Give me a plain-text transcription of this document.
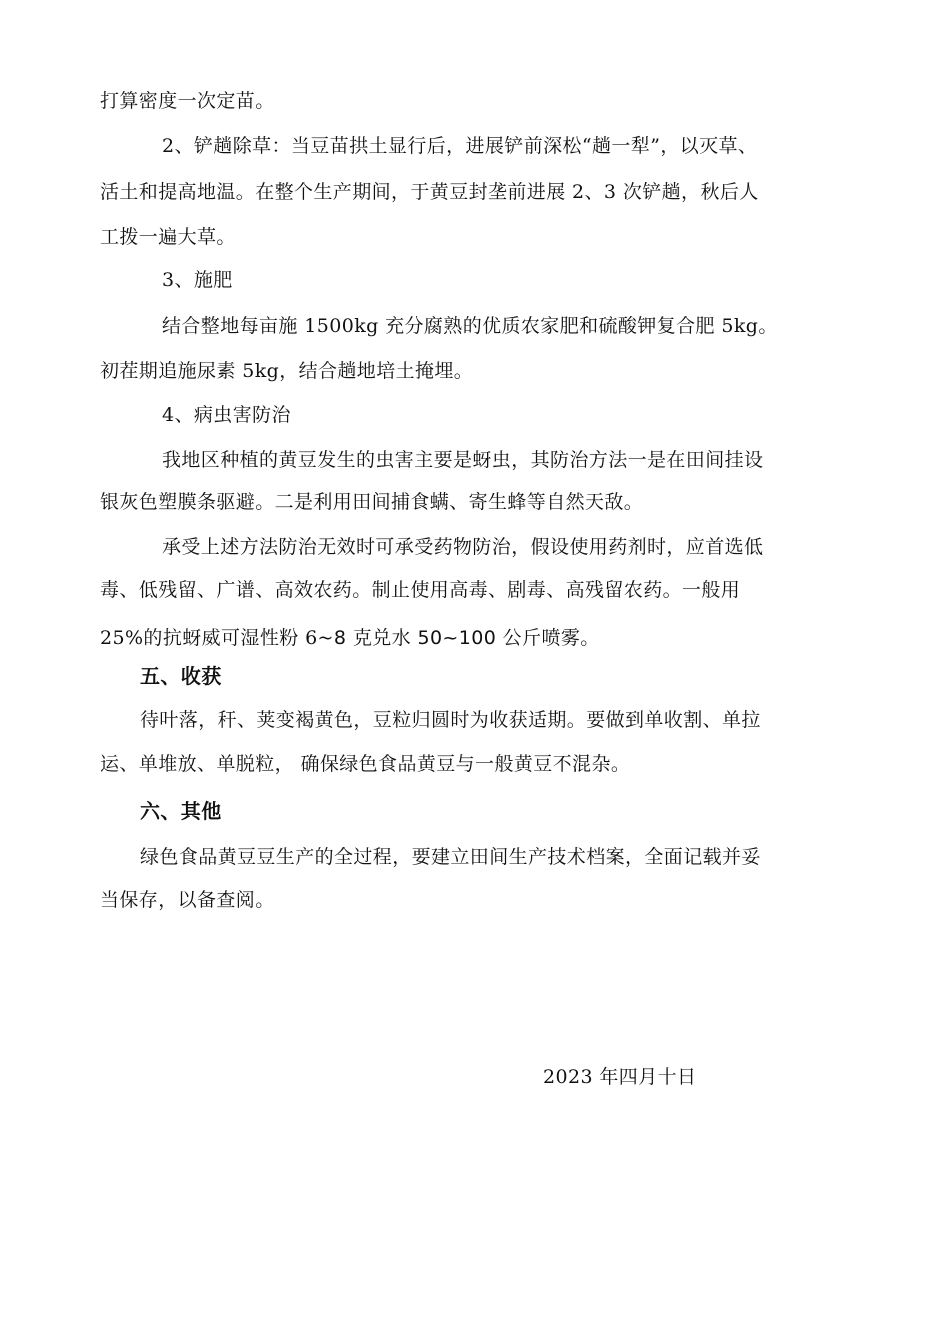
打算密度一次定苗。
2、铲趟除草：当豆苗拱土显行后，进展铲前深松“趟一犁”，以灭草、
活土和提高地温。在整个生产期间，于黄豆封垄前进展 2、3 次铲趟，秋后人
工拨一遍大草。
3、施肥
结合整地每亩施 1500kg 充分腐熟的优质农家肥和硫酸钾复合肥 5kg。
初茬期追施尿素 5kg，结合趟地培土掩埋。
4、病虫害防治
我地区种植的黄豆发生的虫害主要是蚜虫，其防治方法一是在田间挂设
银灰色塑膜条驱避。二是利用田间捕食螨、寄生蜂等自然天敌。
承受上述方法防治无效时可承受药物防治，假设使用药剂时，应首选低
毒、低残留、广谱、高效农药。制止使用高毒、剧毒、高残留农药。一般用
25%的抗蚜威可湿性粉 6~8 克兑水 50~100 公斤喷雾。
五、收获
待叶落，秆、荚变褐黄色，豆粒归圆时为收获适期。要做到单收割、单拉
运、单堆放、单脱粒， 确保绿色食品黄豆与一般黄豆不混杂。
六、其他
绿色食品黄豆豆生产的全过程，要建立田间生产技术档案，全面记载并妥
当保存，以备查阅。
2023 年四月十日
